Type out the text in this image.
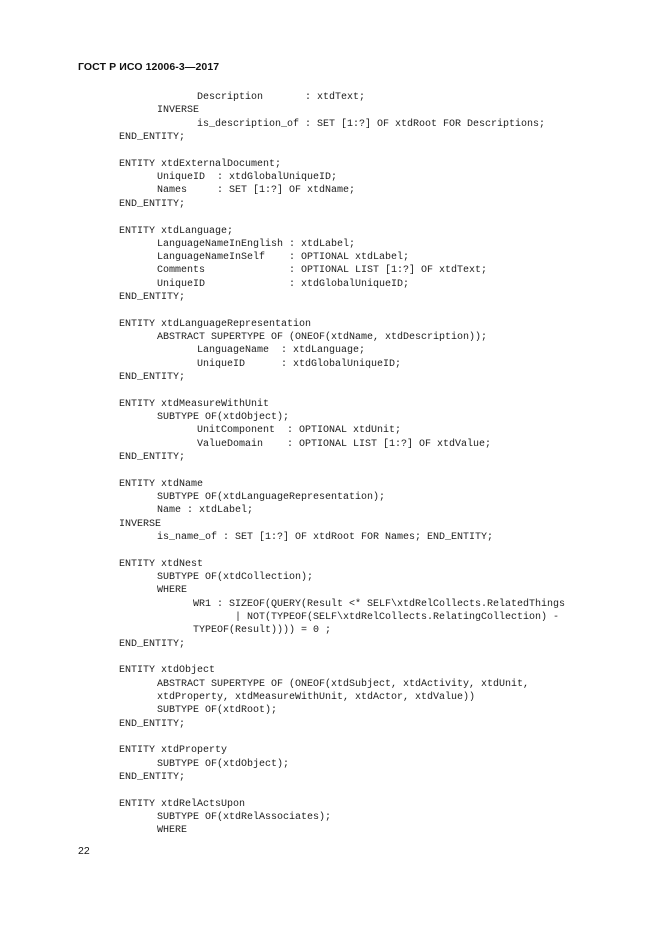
ГОСТ Р ИСО 12006-3—2017
Description       : xtdText;
INVERSE
is_description_of : SET [1:?] OF xtdRoot FOR Descriptions;
END_ENTITY;
ENTITY xtdExternalDocument;
UniqueID  : xtdGlobalUniqueID;
Names     : SET [1:?] OF xtdName;
END_ENTITY;
ENTITY xtdLanguage;
LanguageNameInEnglish : xtdLabel;
LanguageNameInSelf    : OPTIONAL xtdLabel;
Comments              : OPTIONAL LIST [1:?] OF xtdText;
UniqueID              : xtdGlobalUniqueID;
END_ENTITY;
ENTITY xtdLanguageRepresentation
ABSTRACT SUPERTYPE OF (ONEOF(xtdName, xtdDescription));
LanguageName  : xtdLanguage;
UniqueID      : xtdGlobalUniqueID;
END_ENTITY;
ENTITY xtdMeasureWithUnit
SUBTYPE OF(xtdObject);
UnitComponent  : OPTIONAL xtdUnit;
ValueDomain    : OPTIONAL LIST [1:?] OF xtdValue;
END_ENTITY;
ENTITY xtdName
SUBTYPE OF(xtdLanguageRepresentation);
Name : xtdLabel;
INVERSE
is_name_of : SET [1:?] OF xtdRoot FOR Names; END_ENTITY;
ENTITY xtdNest
SUBTYPE OF(xtdCollection);
WHERE
WR1 : SIZEOF(QUERY(Result <* SELF\xtdRelCollects.RelatedThings
| NOT(TYPEOF(SELF\xtdRelCollects.RelatingCollection) -
TYPEOF(Result)))) = 0 ;
END_ENTITY;
ENTITY xtdObject
ABSTRACT SUPERTYPE OF (ONEOF(xtdSubject, xtdActivity, xtdUnit,
xtdProperty, xtdMeasureWithUnit, xtdActor, xtdValue))
SUBTYPE OF(xtdRoot);
END_ENTITY;
ENTITY xtdProperty
SUBTYPE OF(xtdObject);
END_ENTITY;
ENTITY xtdRelActsUpon
SUBTYPE OF(xtdRelAssociates);
WHERE
22
